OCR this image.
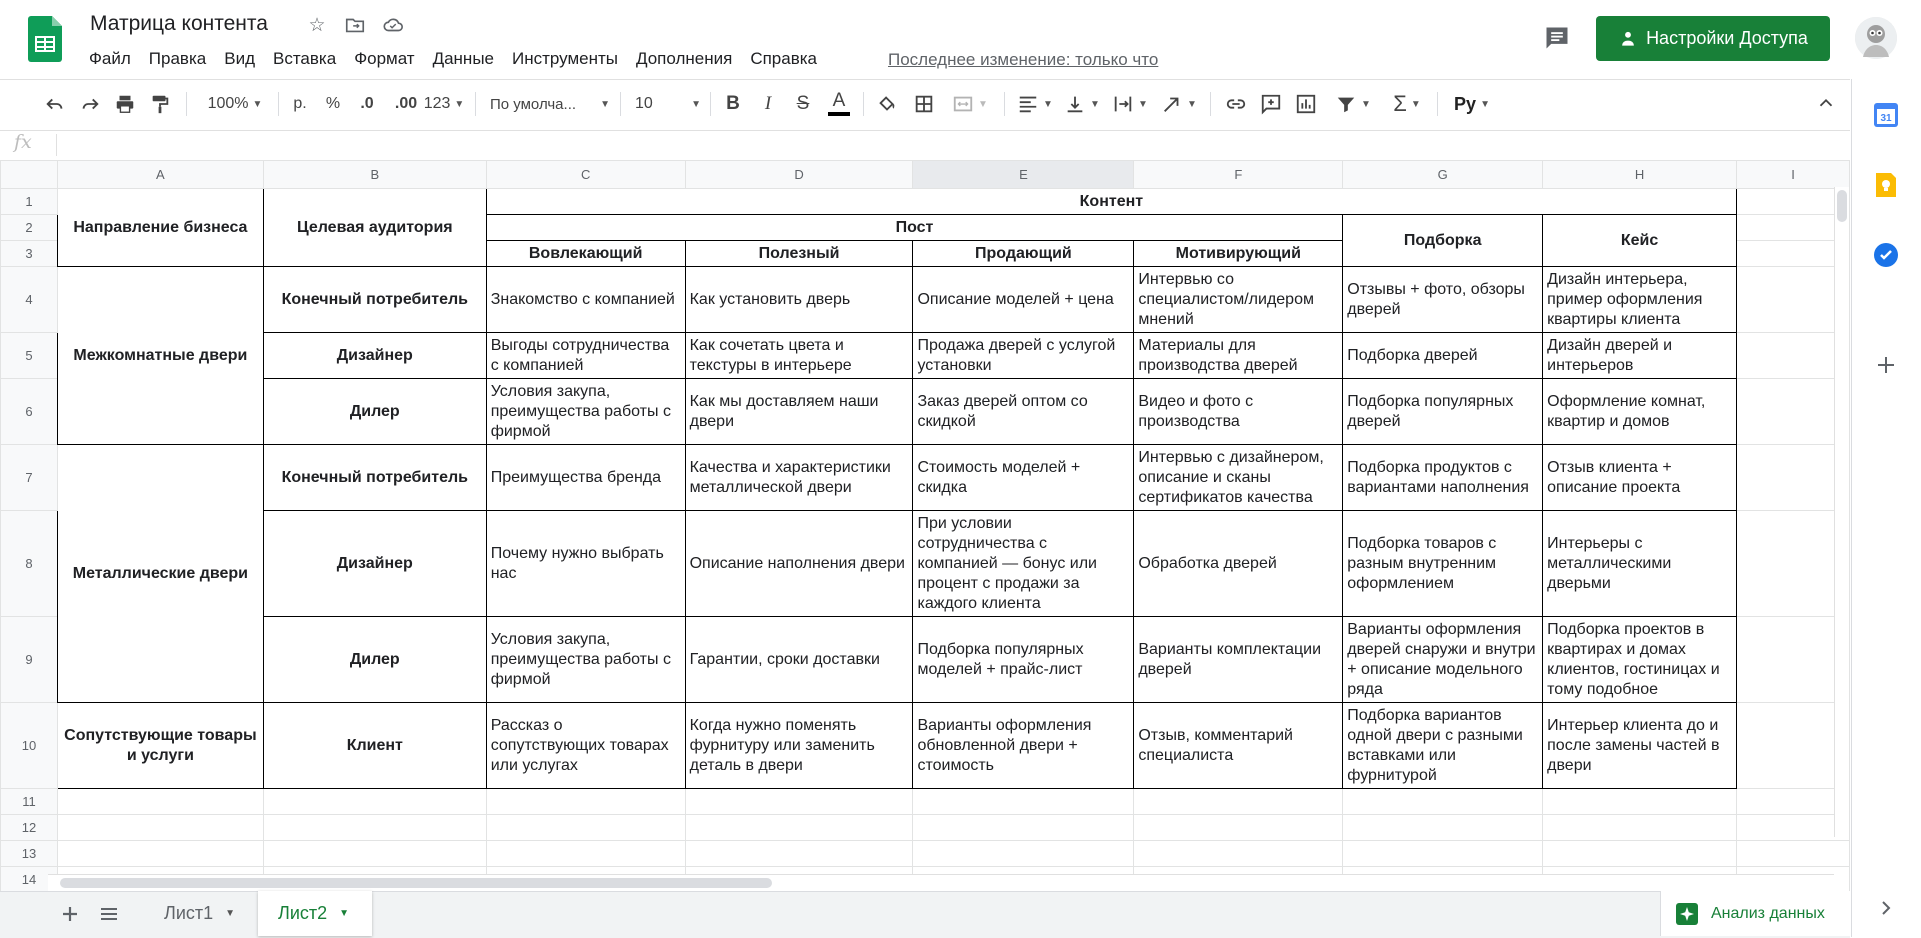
Матрица контента ☆
Файл Правка Вид Вставка Формат Данные Инструменты Дополнения Справка	Последнее изменение: только что
Настройки Доступа
100% ▼	р.	%	.0	.00 123 ▼ По умолча... ▼ 10	▼	B	I	S	A	▼	▼	▼	▼	▼	▼ Σ ▼ Ру ▼
fx
	A	B	C	D	E	F	G	H	I
1	Направление бизнеса	Целевая аудитория	Контент						
2			Пост				Подборка	Кейс	
3			Вовлекающий	Полезный	Продающий	Мотивирующий			
4	Межкомнатные двери	Конечный потребитель	Знакомство с компанией	Как установить дверь	Описание моделей + цена	Интервью со специалистом/лидером мнений	Отзывы + фото, обзоры дверей	Дизайн интерьера, пример оформления квартиры клиента	
5		Дизайнер	Выгоды сотрудничества с компанией	Как сочетать цвета и текстуры в интерьере	Продажа дверей с услугой установки	Материалы для производства дверей	Подборка дверей	Дизайн дверей и интерьеров	
6		Дилер	Условия закупа, преимущества работы с фирмой	Как мы доставляем наши двери	Заказ дверей оптом со скидкой	Видео и фото с производства	Подборка популярных дверей	Оформление комнат, квартир и домов	
7	Металлические двери	Конечный потребитель	Преимущества бренда	Качества и характеристики металлической двери	Стоимость моделей + скидка	Интервью с дизайнером, описание и сканы сертификатов качества	Подборка продуктов с вариантами наполнения	Отзыв клиента + описание проекта	
8		Дизайнер	Почему нужно выбрать нас	Описание наполнения двери	При условии сотрудничества с компанией — бонус или процент с продажи за каждого клиента	Обработка дверей	Подборка товаров с разным внутренним оформлением	Интерьеры с металлическими дверьми	
9		Дилер	Условия закупа, преимущества работы с фирмой	Гарантии, сроки доставки	Подборка популярных моделей + прайс-лист	Варианты комплектации дверей	Варианты оформления дверей снаружи и внутри + описание модельного ряда	Подборка проектов в квартирах и домах клиентов, гостиницах и тому подобное	
10	Сопутствующие товары и услуги	Клиент	Рассказ о сопутствующих товарах или услугах	Когда нужно поменять фурнитуру или заменить деталь в двери	Варианты оформления обновленной двери + стоимость	Отзыв, комментарий специалиста	Подборка вариантов одной двери с разными вставками или фурнитурой	Интерьер клиента до и после замены частей в двери	
11									
12									
13									
14									
Лист1 ▼ Лист2 ▼	Анализ данных
31
